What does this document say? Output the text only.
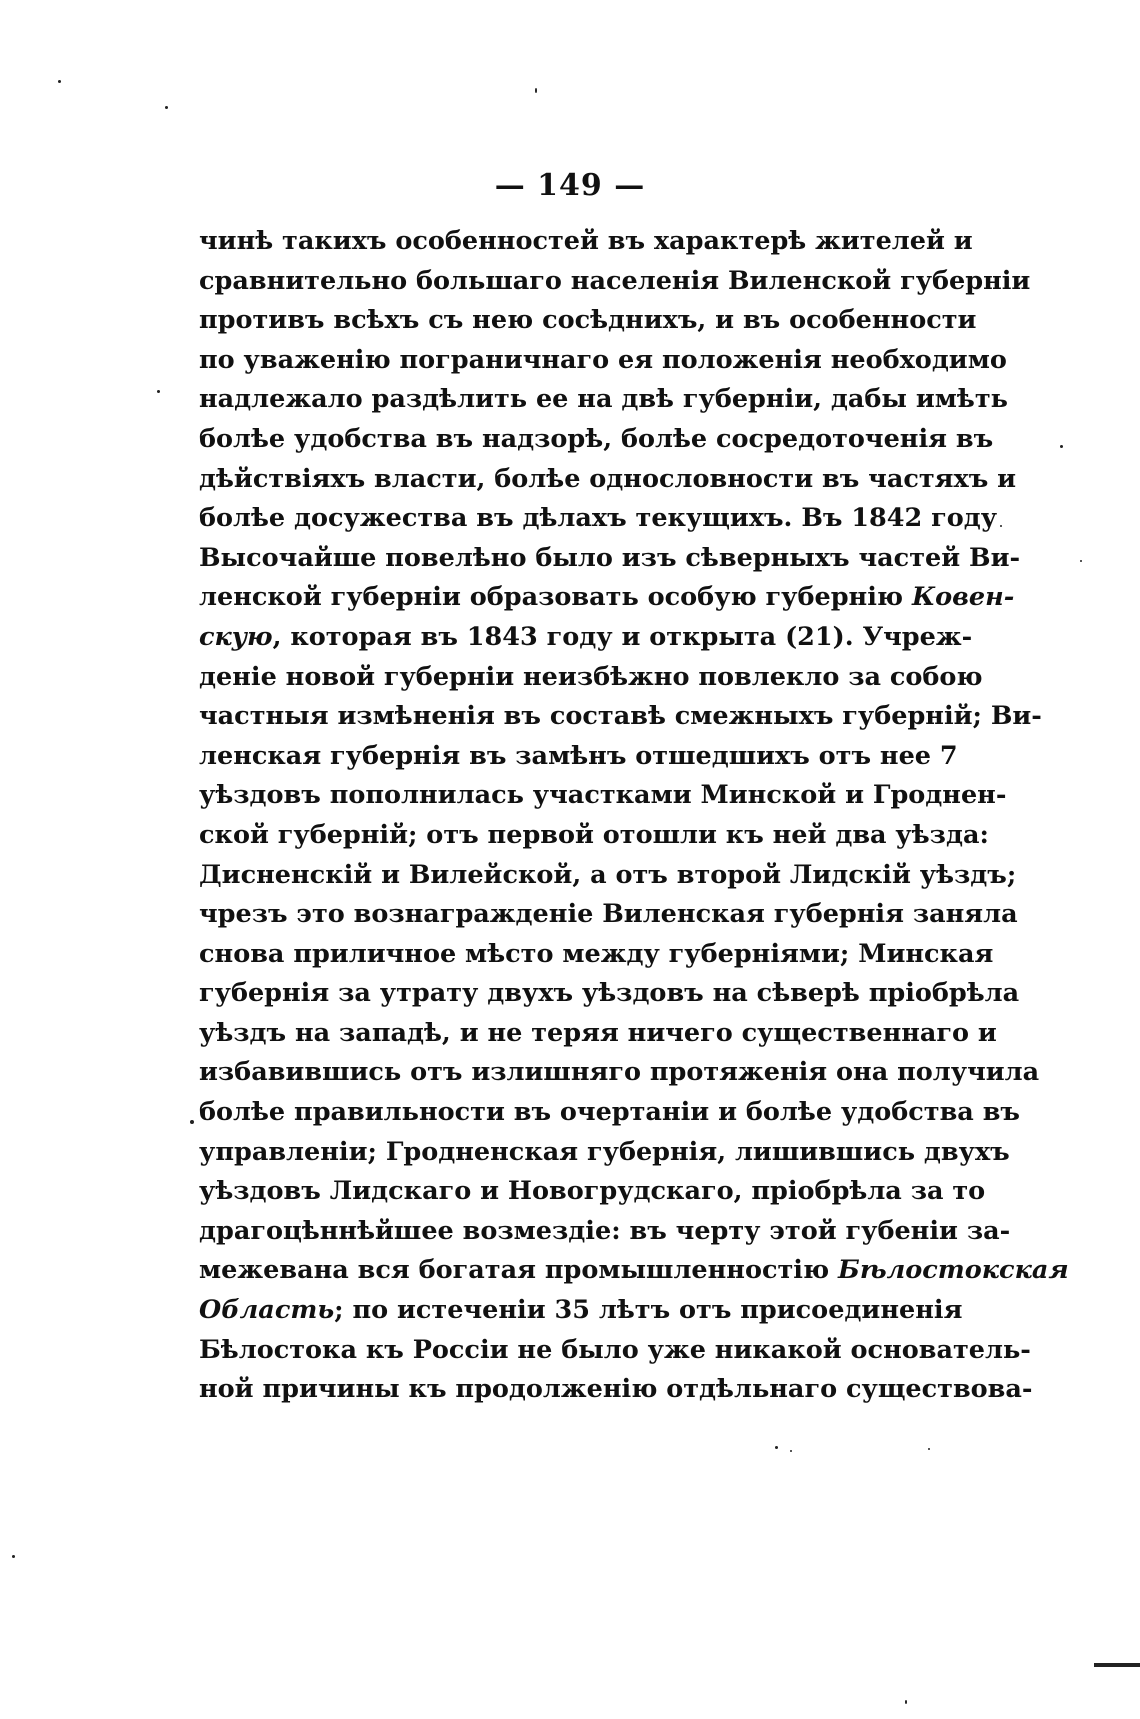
— 149 —
чинѣ такихъ особенностей въ характерѣ жителей и
сравнительно большаго населенія Виленской губерніи
противъ всѣхъ съ нею сосѣднихъ, и въ особенности
по уваженію пограничнаго ея положенія необходимо
надлежало раздѣлить ее на двѣ губерніи, дабы имѣть
болѣе удобства въ надзорѣ, болѣе сосредоточенія въ
дѣйствіяхъ власти, болѣе однословности въ частяхъ и
болѣе досужества въ дѣлахъ текущихъ. Въ 1842 году
Высочайше повелѣно было изъ сѣверныхъ частей Ви-
ленской губерніи образовать особую губернію Ковен-
скую, которая въ 1843 году и открыта (21). Учреж-
деніе новой губерніи неизбѣжно повлекло за собою
частныя измѣненія въ составѣ смежныхъ губерній; Ви-
ленская губернія въ замѣнъ отшедшихъ отъ нее 7
уѣздовъ пополнилась участками Минской и Гроднен-
ской губерній; отъ первой отошли къ ней два уѣзда:
Дисненскій и Вилейской, а отъ второй Лидскій уѣздъ;
чрезъ это вознагражденіе Виленская губернія заняла
снова приличное мѣсто между губерніями; Минская
губернія за утрату двухъ уѣздовъ на сѣверѣ пріобрѣла
уѣздъ на западѣ, и не теряя ничего существеннаго и
избавившись отъ излишняго протяженія она получила
болѣе правильности въ очертаніи и болѣе удобства въ
управленіи; Гродненская губернія, лишившись двухъ
уѣздовъ Лидскаго и Новогрудскаго, пріобрѣла за то
драгоцѣннѣйшее возмездіе: въ черту этой губеніи за-
межевана вся богатая промышленностію Бѣлостокская
Область; по истеченіи 35 лѣтъ отъ присоединенія
Бѣлостока къ Россіи не было уже никакой основатель-
ной причины къ продолженію отдѣльнаго существова-
